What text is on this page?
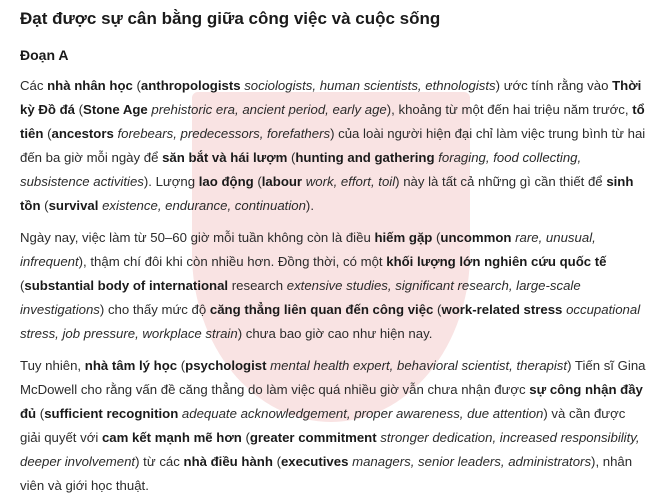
Đạt được sự cân bằng giữa công việc và cuộc sống
Đoạn A

Các nhà nhân học (anthropologists sociologists, human scientists, ethnologists) ước tính rằng vào Thời kỳ Đồ đá (Stone Age prehistoric era, ancient period, early age), khoảng từ một đến hai triệu năm trước, tổ tiên (ancestors forebears, predecessors, forefathers) của loài người hiện đại chỉ làm việc trung bình từ hai đến ba giờ mỗi ngày để săn bắt và hái lượm (hunting and gathering foraging, food collecting, subsistence activities). Lượng lao động (labour work, effort, toil) này là tất cả những gì cần thiết để sinh tồn (survival existence, endurance, continuation).

Ngày nay, việc làm từ 50–60 giờ mỗi tuần không còn là điều hiếm gặp (uncommon rare, unusual, infrequent), thậm chí đôi khi còn nhiều hơn. Đồng thời, có một khối lượng lớn nghiên cứu quốc tế (substantial body of international research extensive studies, significant research, large-scale investigations) cho thấy mức độ căng thẳng liên quan đến công việc (work-related stress occupational stress, job pressure, workplace strain) chưa bao giờ cao như hiện nay.

Tuy nhiên, nhà tâm lý học (psychologist mental health expert, behavioral scientist, therapist) Tiến sĩ Gina McDowell cho rằng vấn đề căng thẳng do làm việc quá nhiều giờ vẫn chưa nhận được sự công nhận đầy đủ (sufficient recognition adequate acknowledgement, proper awareness, due attention) và cần được giải quyết với cam kết mạnh mẽ hơn (greater commitment stronger dedication, increased responsibility, deeper involvement) từ các nhà điều hành (executives managers, senior leaders, administrators), nhân viên và giới học thuật.
